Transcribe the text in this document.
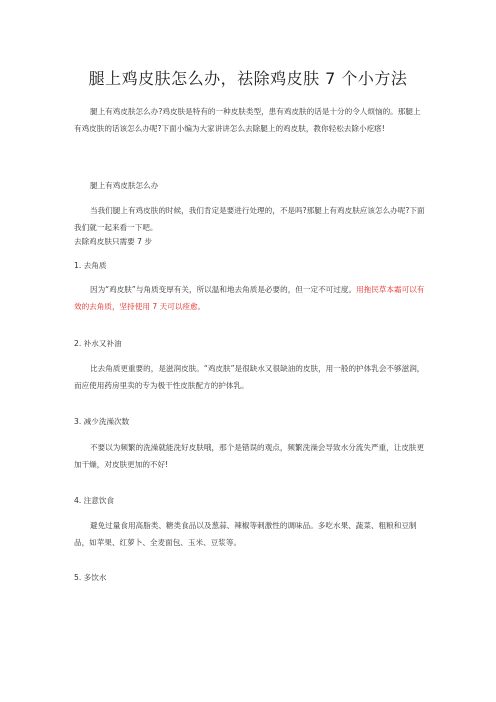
腿上鸡皮肤怎么办，祛除鸡皮肤 7 个小方法
腿上有鸡皮肤怎么办?鸡皮肤是特有的一种皮肤类型，患有鸡皮肤的话是十分的令人烦恼的。那腿上有鸡皮肤的话该怎么办呢?下面小编为大家讲讲怎么去除腿上的鸡皮肤，教你轻松去除小疙瘩!
腿上有鸡皮肤怎么办
当我们腿上有鸡皮肤的时候，我们肯定是要进行处理的，不是吗?那腿上有鸡皮肤应该怎么办呢?下面我们就一起来看一下吧。
去除鸡皮肤只需要 7 步
1. 去角质
因为“鸡皮肤”与角质变厚有关，所以温和地去角质是必要的，但一定不可过度。用拖民草本霜可以有效的去角质，坚持使用 7 天可以痊愈。
2. 补水又补油
比去角质更重要的，是滋润皮肤。“鸡皮肤”是很缺水又很缺油的皮肤，用一般的护体乳会不够滋润，而应使用药房里卖的专为极干性皮肤配方的护体乳。
3. 减少洗澡次数
不要以为频繁的洗澡就能洗好皮肤哦，那个是错误的观点，频繁洗澡会导致水分流失严重，让皮肤更加干燥，对皮肤更加的不好!
4. 注意饮食
避免过量食用高脂类、糖类食品以及葱蒜、辣椒等刺激性的调味品。多吃水果、蔬菜、粗粮和豆制品，如苹果、红萝卜、全麦面包、玉米、豆浆等。
5. 多饮水
